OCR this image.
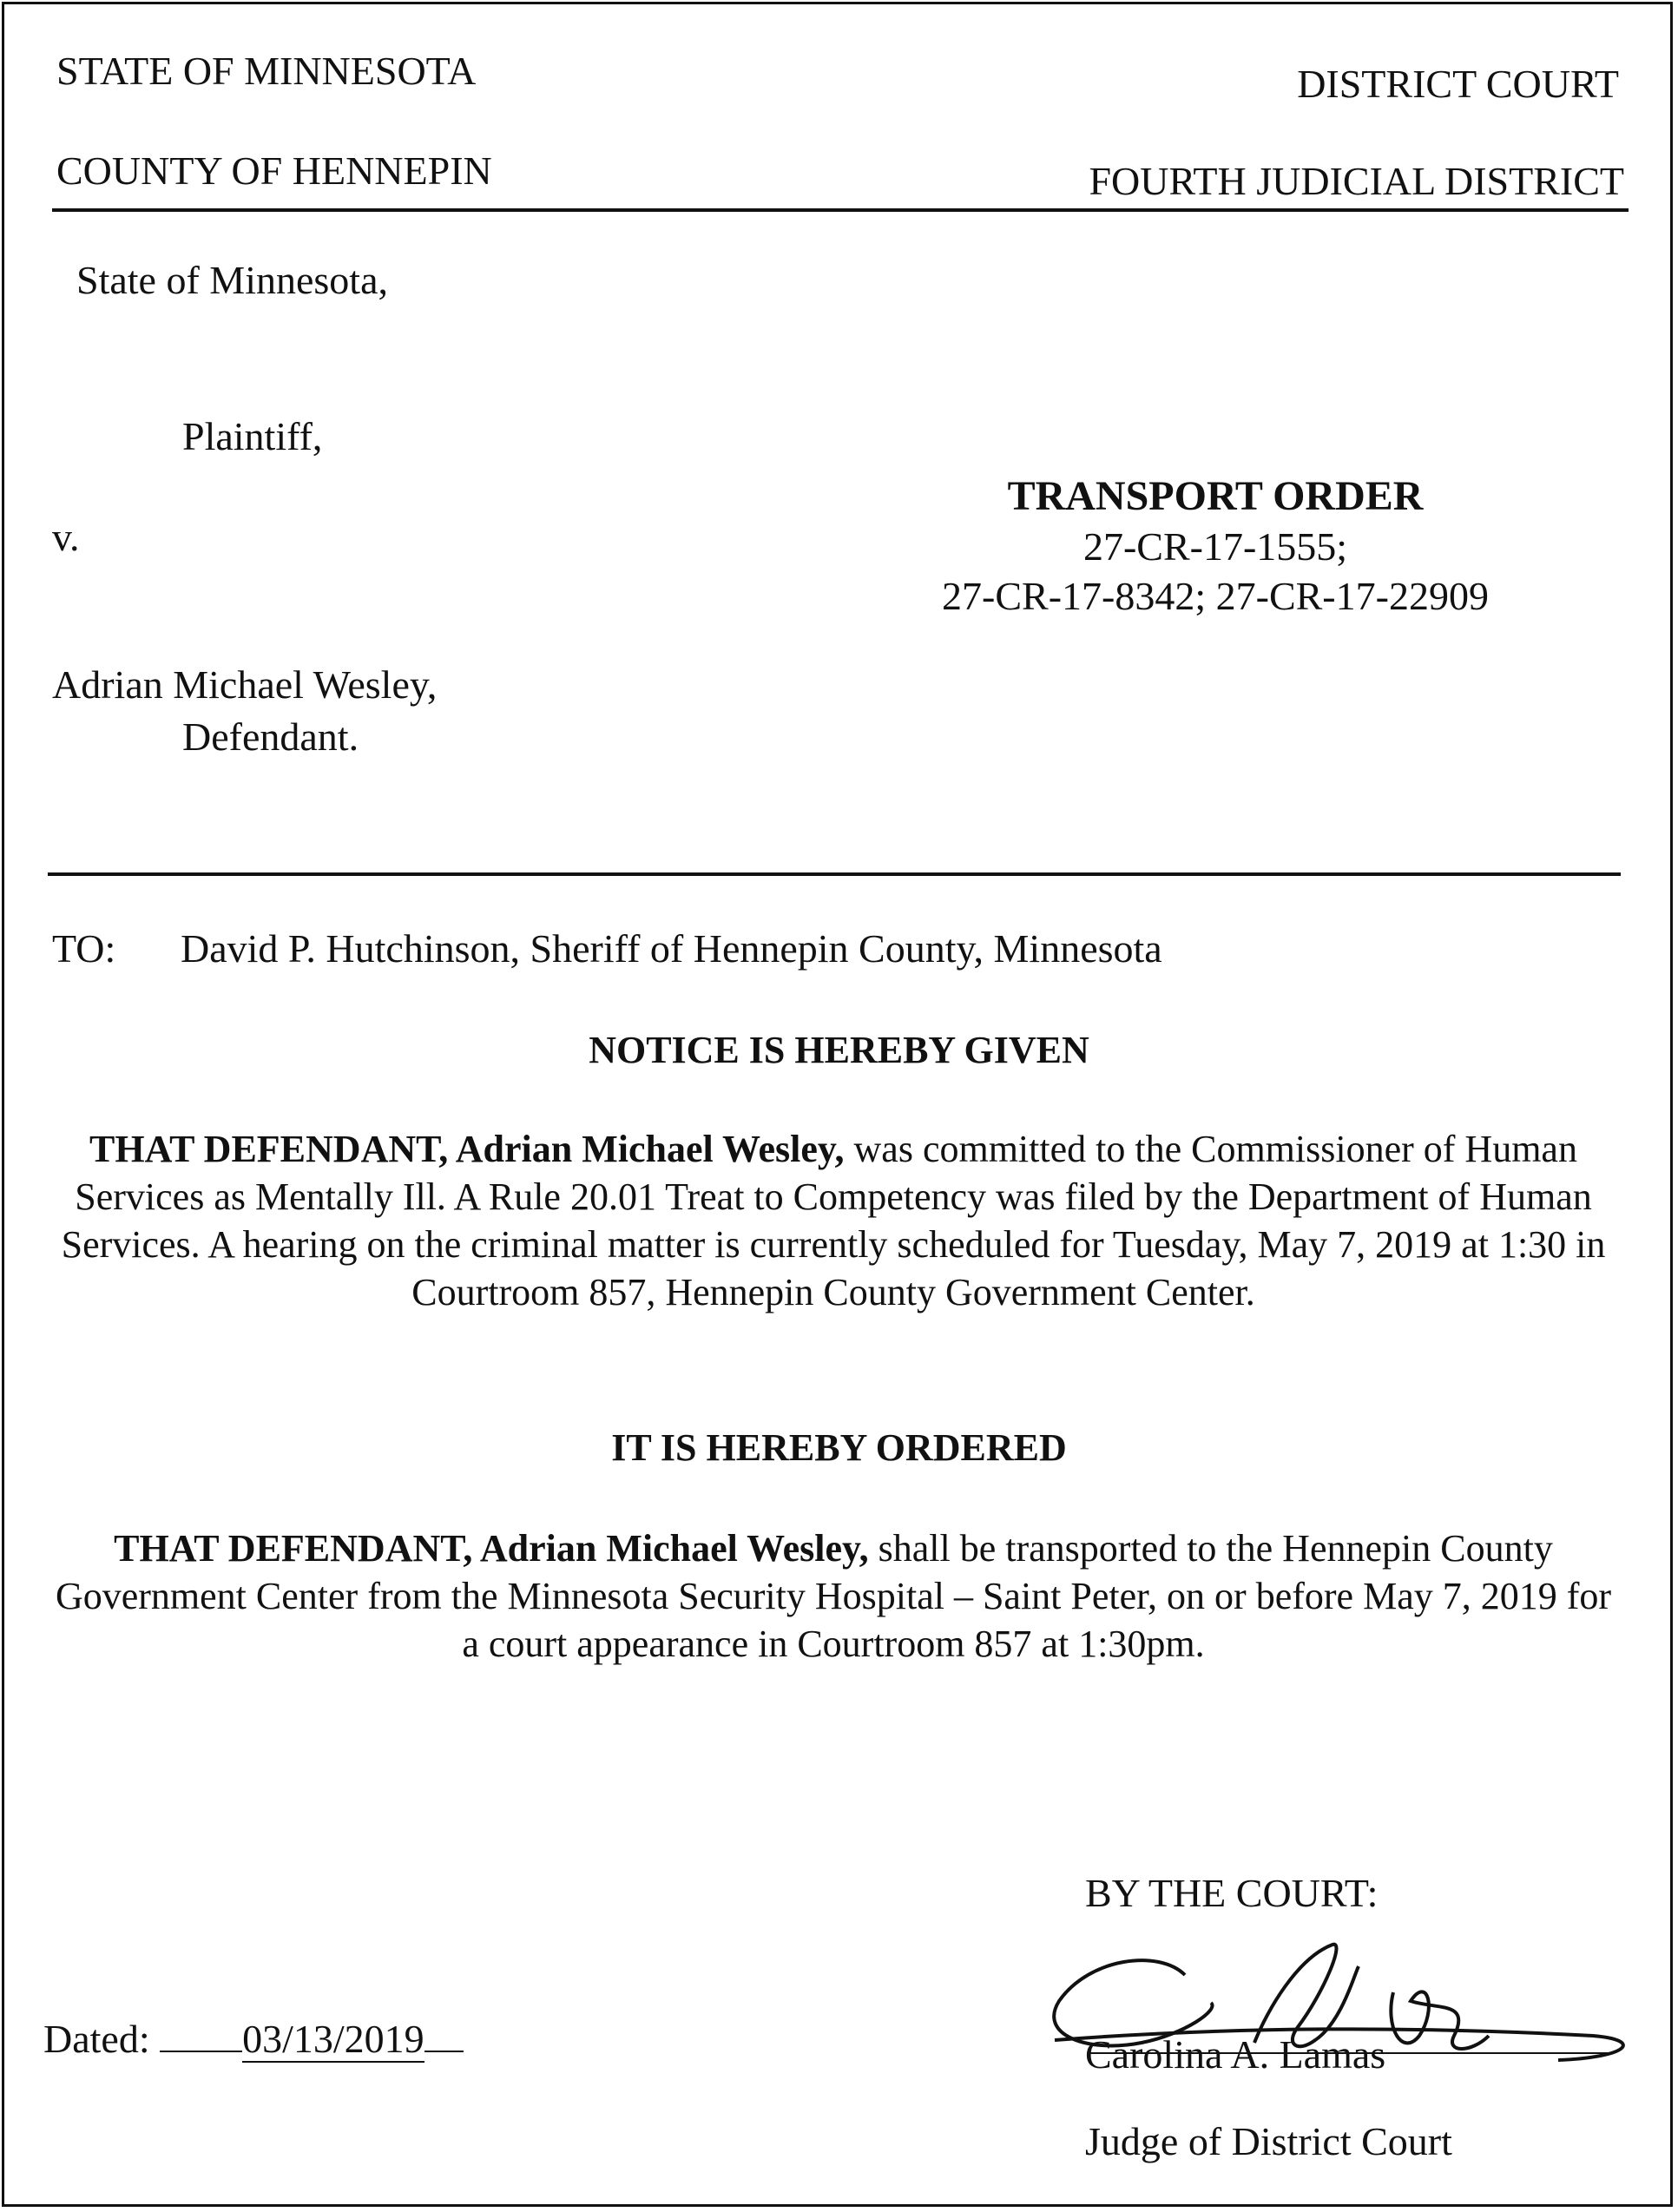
STATE OF MINNESOTA	DISTRICT COURT
COUNTY OF HENNEPIN	FOURTH JUDICIAL DISTRICT
State of Minnesota,
Plaintiff,
v.
Adrian Michael Wesley,
Defendant.
TRANSPORT ORDER
27-CR-17-1555;
27-CR-17-8342; 27-CR-17-22909
TO: David P. Hutchinson, Sheriff of Hennepin County, Minnesota
NOTICE IS HEREBY GIVEN
THAT DEFENDANT, Adrian Michael Wesley, was committed to the Commissioner of Human Services as Mentally Ill. A Rule 20.01 Treat to Competency was filed by the Department of Human Services. A hearing on the criminal matter is currently scheduled for Tuesday, May 7, 2019 at 1:30 in Courtroom 857, Hennepin County Government Center.
IT IS HEREBY ORDERED
THAT DEFENDANT, Adrian Michael Wesley, shall be transported to the Hennepin County Government Center from the Minnesota Security Hospital – Saint Peter, on or before May 7, 2019 for a court appearance in Courtroom 857 at 1:30pm.
BY THE COURT:
Carolina A. Lamas
Judge of District Court
Dated: 03/13/2019
